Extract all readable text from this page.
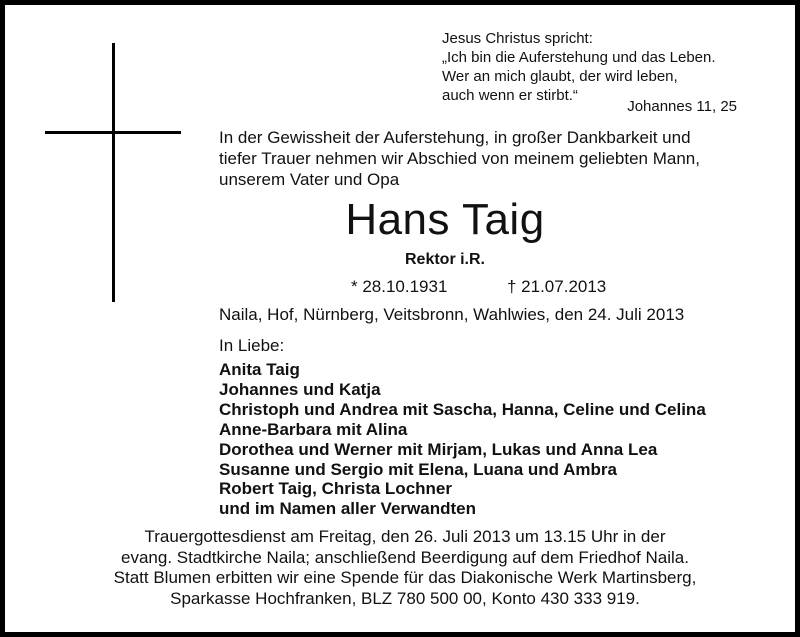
Jesus Christus spricht:
„Ich bin die Auferstehung und das Leben.
Wer an mich glaubt, der wird leben,
auch wenn er stirbt.“
Johannes 11, 25
In der Gewissheit der Auferstehung, in großer Dankbarkeit und
tiefer Trauer nehmen wir Abschied von meinem geliebten Mann,
unserem Vater und Opa
Hans Taig
Rektor i.R.
* 28.10.1931	† 21.07.2013
Naila, Hof, Nürnberg, Veitsbronn, Wahlwies, den 24. Juli 2013
In Liebe:
Anita Taig
Johannes und Katja
Christoph und Andrea mit Sascha, Hanna, Celine und Celina
Anne-Barbara mit Alina
Dorothea und Werner mit Mirjam, Lukas und Anna Lea
Susanne und Sergio mit Elena, Luana und Ambra
Robert Taig, Christa Lochner
und im Namen aller Verwandten
Trauergottesdienst am Freitag, den 26. Juli 2013 um 13.15 Uhr in der
evang. Stadtkirche Naila; anschließend Beerdigung auf dem Friedhof Naila.
Statt Blumen erbitten wir eine Spende für das Diakonische Werk Martinsberg,
Sparkasse Hochfranken, BLZ 780 500 00, Konto 430 333 919.
